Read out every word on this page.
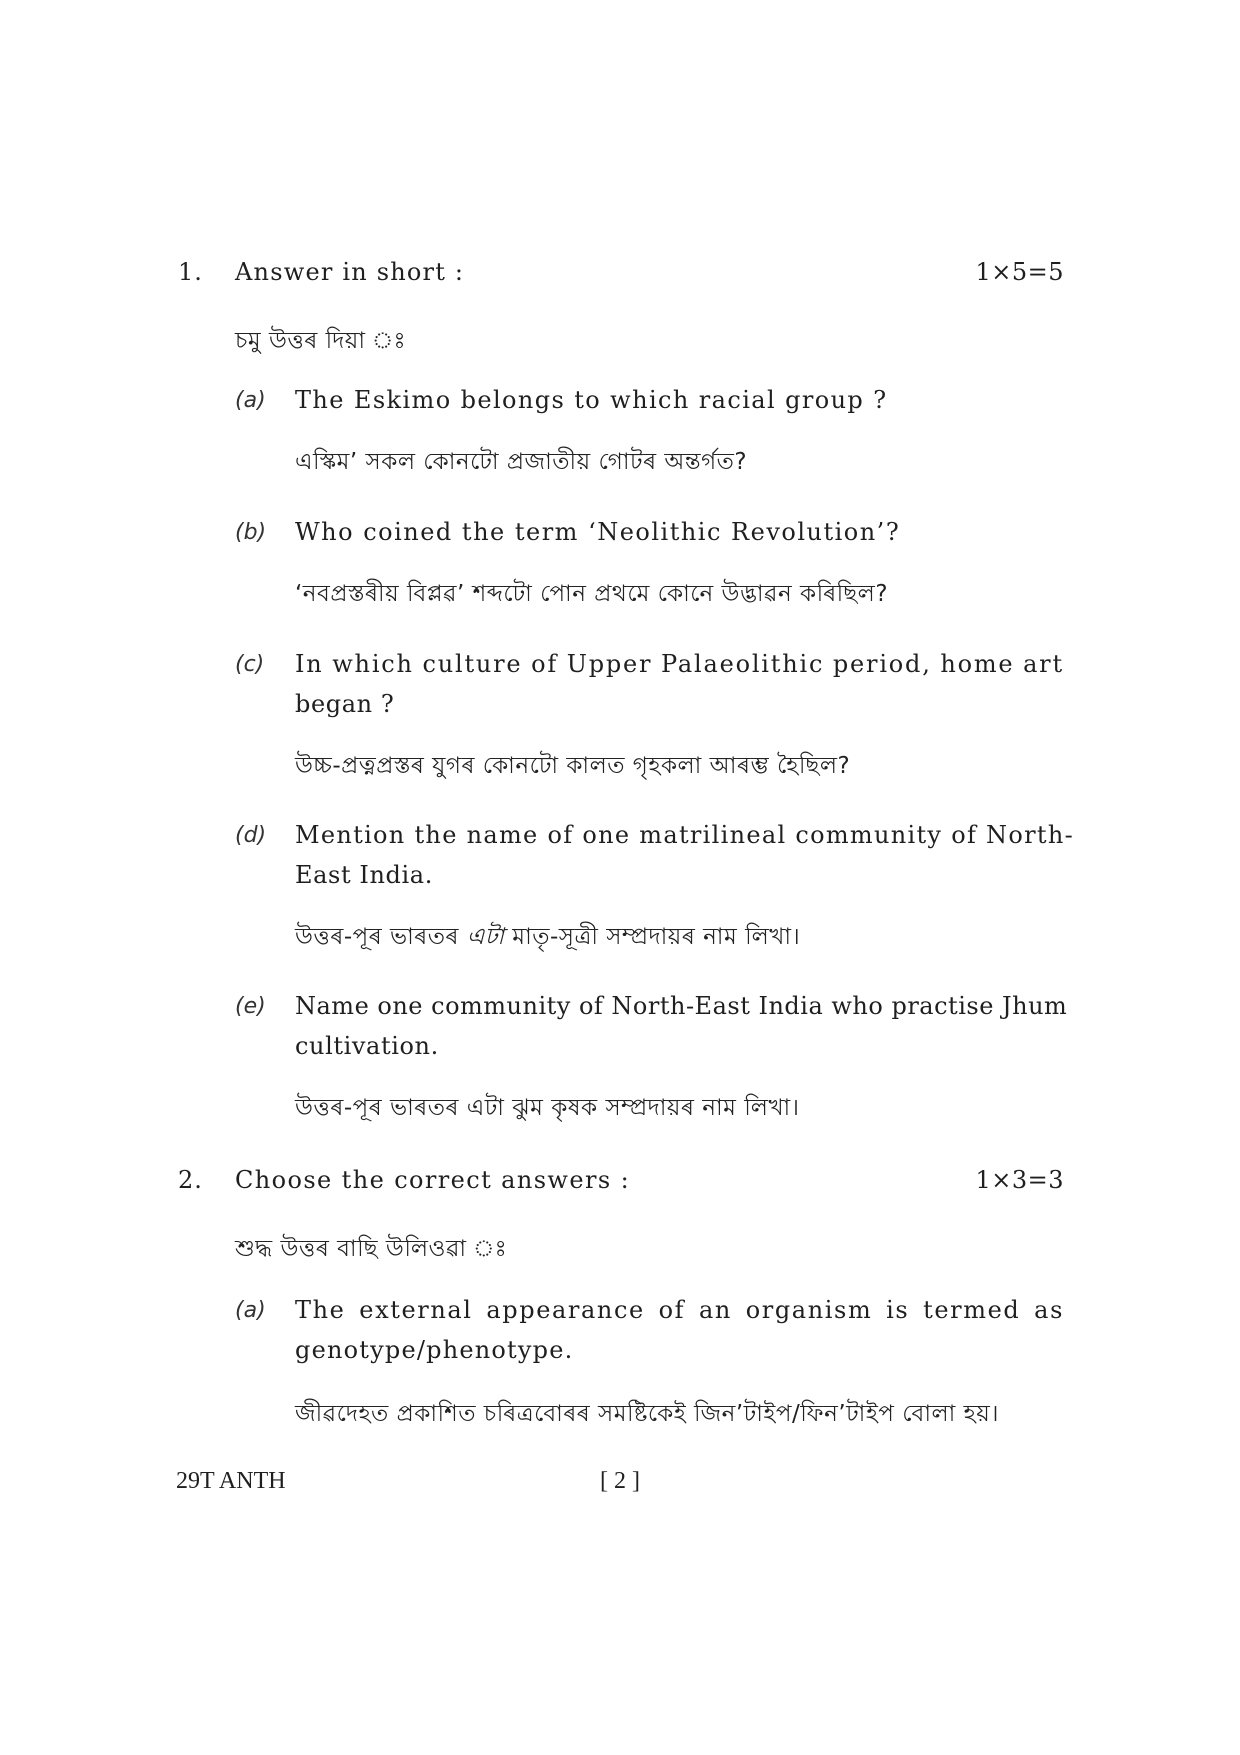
1. Answer in short :	1×5=5
চমু উত্তৰ দিয়া ঃ
(a) The Eskimo belongs to which racial group ?
এস্কিম’ সকল কোনটো প্ৰজাতীয় গোটৰ অন্তৰ্গত?
(b) Who coined the term ‘Neolithic Revolution’?
‘নবপ্ৰস্তৰীয় বিপ্লৱ’ শব্দটো পোন প্ৰথমে কোনে উদ্ভাৱন কৰিছিল?
(c) In which culture of Upper Palaeolithic period, home art
began ?
উচ্চ-প্ৰত্নপ্ৰস্তৰ যুগৰ কোনটো কালত গৃহকলা আৰম্ভ হৈছিল?
(d) Mention the name of one matrilineal community of North-
East India.
উত্তৰ-পূৰ ভাৰতৰ এটা মাতৃ-সূত্ৰী সম্প্ৰদায়ৰ নাম লিখা।
(e) Name one community of North-East India who practise Jhum
cultivation.
উত্তৰ-পূৰ ভাৰতৰ এটা ঝুম কৃষক সম্প্ৰদায়ৰ নাম লিখা।
2. Choose the correct answers :	1×3=3
শুদ্ধ উত্তৰ বাছি উলিওৱা ঃ
(a) The external appearance of an organism is termed as
genotype/phenotype.
জীৱদেহত প্ৰকাশিত চৰিত্ৰবোৰৰ সমষ্টিকেই জিন’টাইপ/ফিন’টাইপ বোলা হয়।
29T ANTH	[ 2 ]
